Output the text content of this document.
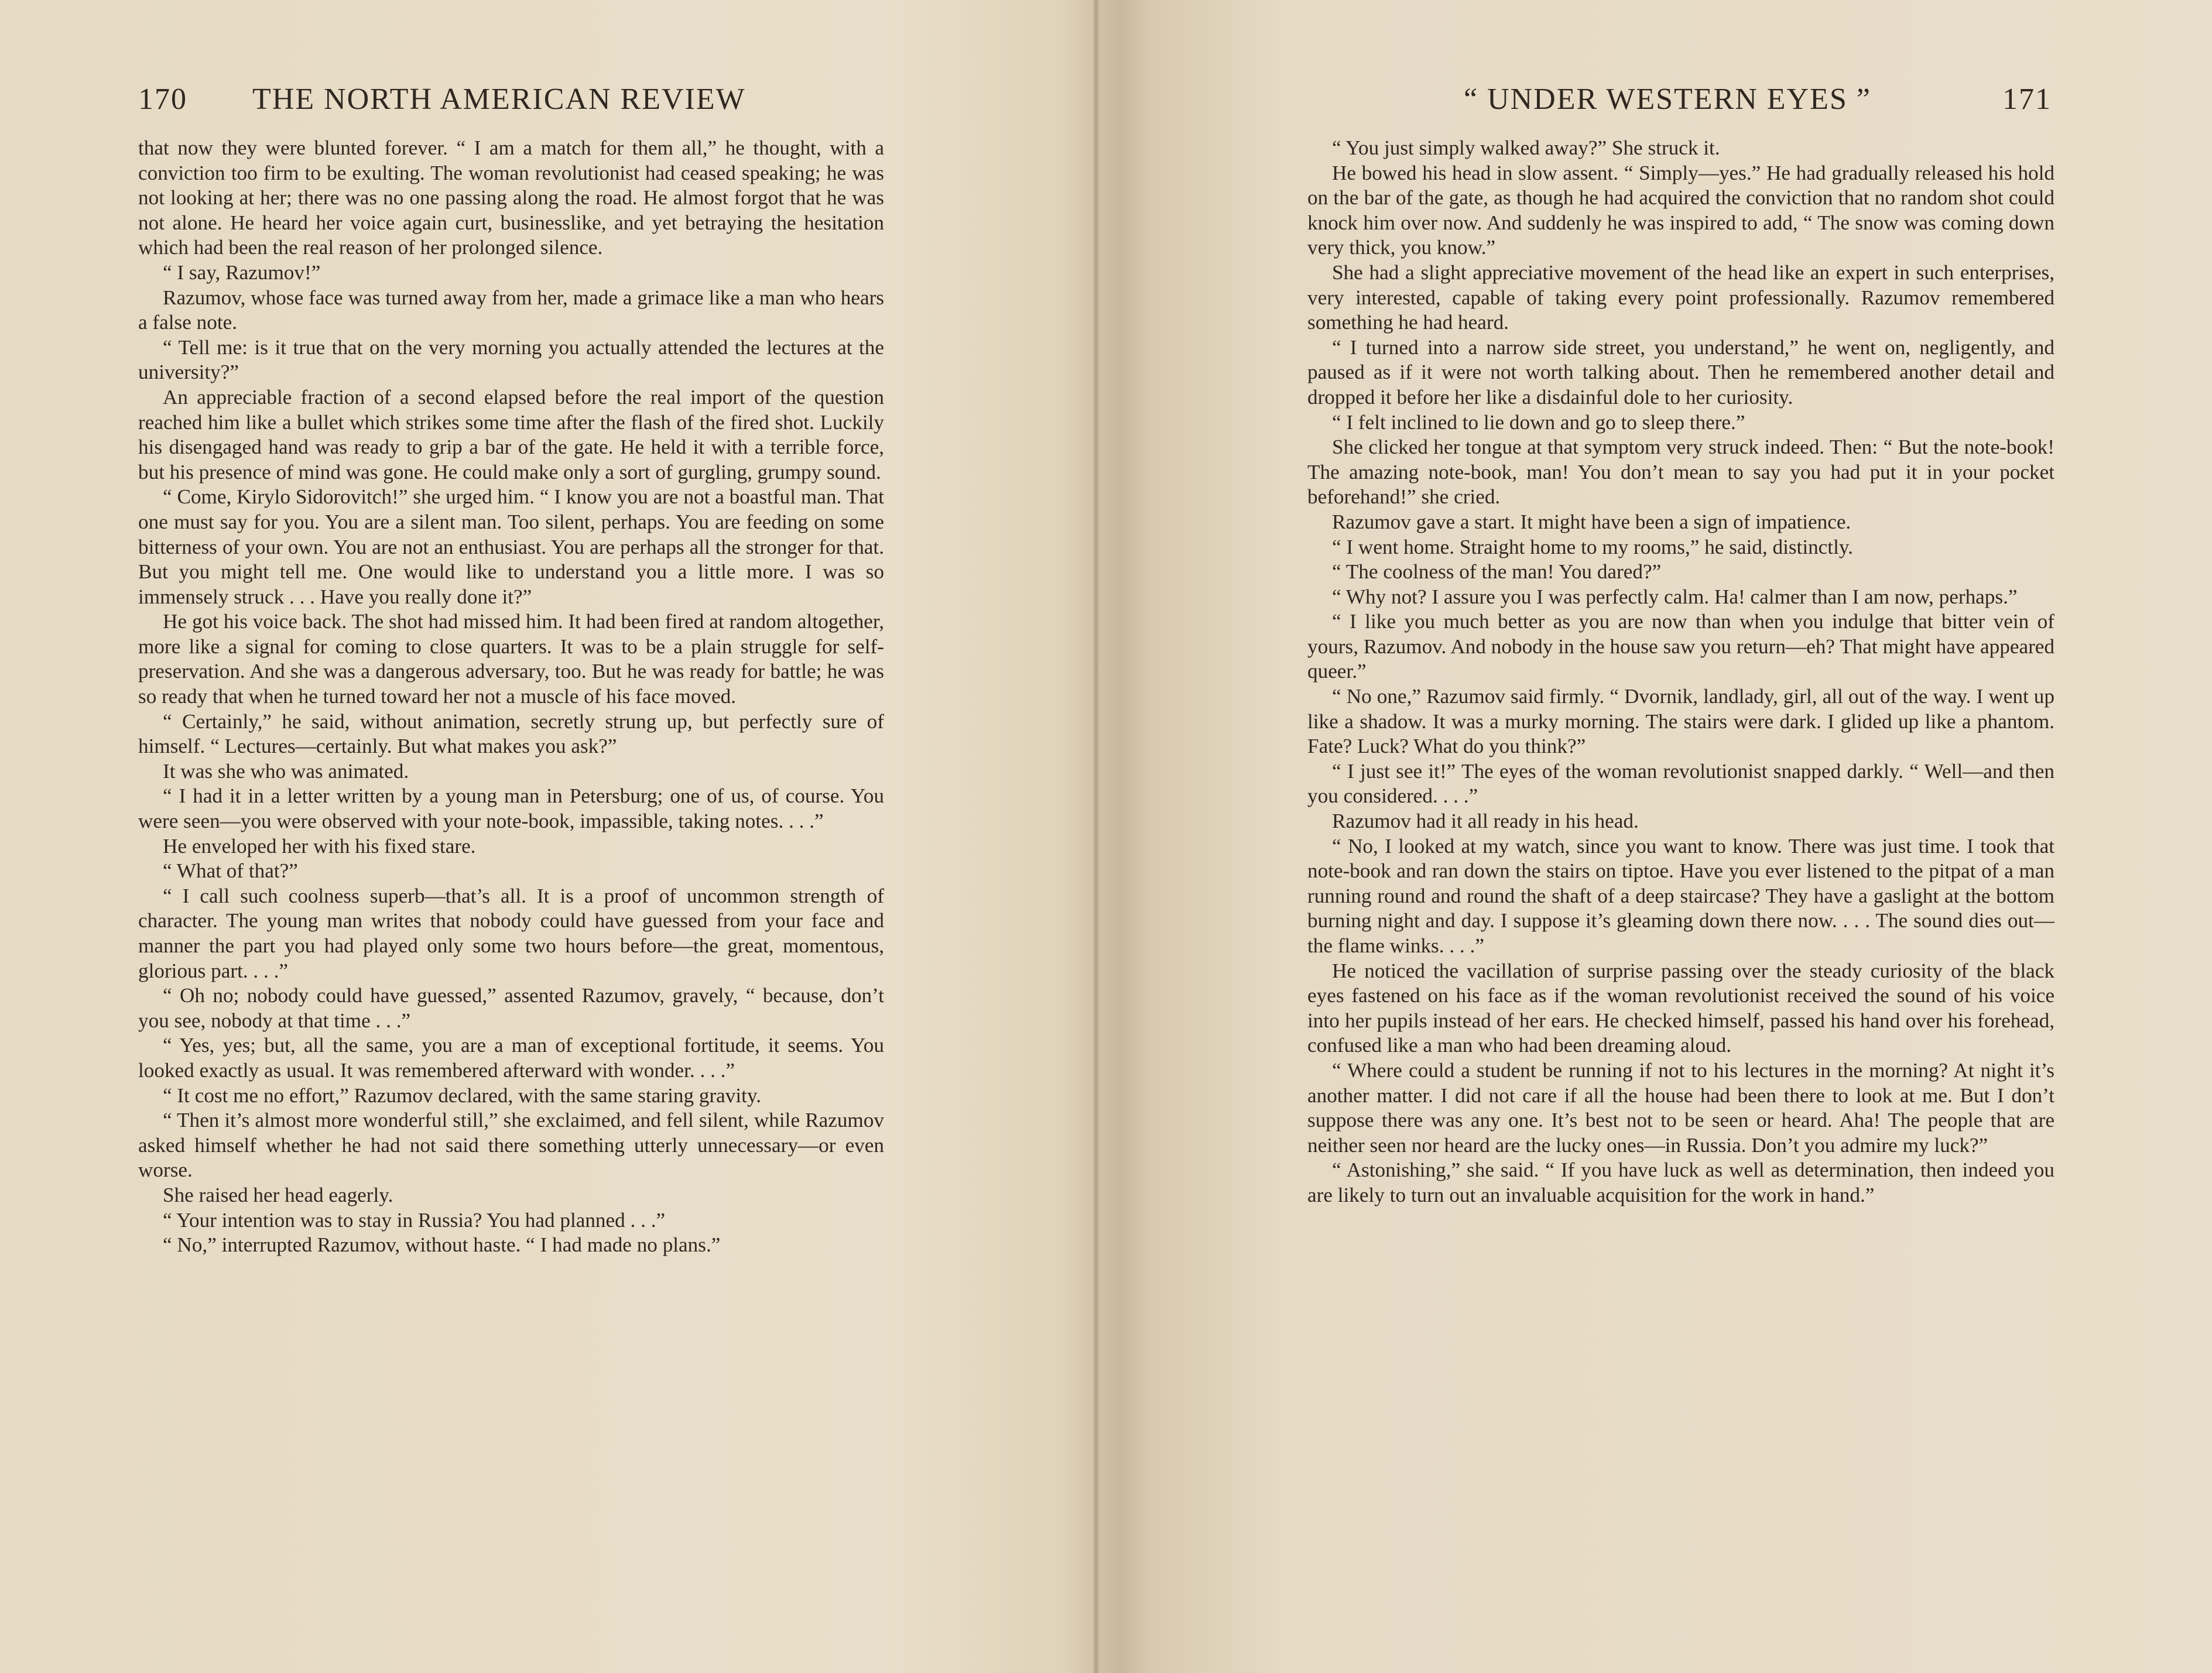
170 THE NORTH AMERICAN REVIEW

that now they were blunted forever. “ I am a match for them all,” he thought, with a conviction too firm to be exulting. The woman revolutionist had ceased speaking; he was not looking at her; there was no one passing along the road. He almost forgot that he was not alone. He heard her voice again curt, businesslike, and yet betraying the hesitation which had been the real reason of her prolonged silence.

“ I say, Razumov!”

Razumov, whose face was turned away from her, made a grimace like a man who hears a false note.

“ Tell me: is it true that on the very morning you actually attended the lectures at the university?”

An appreciable fraction of a second elapsed before the real import of the question reached him like a bullet which strikes some time after the flash of the fired shot. Luckily his disengaged hand was ready to grip a bar of the gate. He held it with a terrible force, but his presence of mind was gone. He could make only a sort of gurgling, grumpy sound.

“ Come, Kirylo Sidorovitch!” she urged him. “ I know you are not a boastful man. That one must say for you. You are a silent man. Too silent, perhaps. You are feeding on some bitterness of your own. You are not an enthusiast. You are perhaps all the stronger for that. But you might tell me. One would like to understand you a little more. I was so immensely struck . . . Have you really done it?”

He got his voice back. The shot had missed him. It had been fired at random altogether, more like a signal for coming to close quarters. It was to be a plain struggle for self-preservation. And she was a dangerous adversary, too. But he was ready for battle; he was so ready that when he turned toward her not a muscle of his face moved.

“ Certainly,” he said, without animation, secretly strung up, but perfectly sure of himself. “ Lectures—certainly. But what makes you ask?”

It was she who was animated.

“ I had it in a letter written by a young man in Petersburg; one of us, of course. You were seen—you were observed with your note-book, impassible, taking notes. . . .”

He enveloped her with his fixed stare.

“ What of that?”

“ I call such coolness superb—that’s all. It is a proof of uncommon strength of character. The young man writes that nobody could have guessed from your face and manner the part you had played only some two hours before—the great, momentous, glorious part. . . .”

“ Oh no; nobody could have guessed,” assented Razumov, gravely, “ because, don’t you see, nobody at that time . . .”

“ Yes, yes; but, all the same, you are a man of exceptional fortitude, it seems. You looked exactly as usual. It was remembered afterward with wonder. . . .”

“ It cost me no effort,” Razumov declared, with the same staring gravity.

“ Then it’s almost more wonderful still,” she exclaimed, and fell silent, while Razumov asked himself whether he had not said there something utterly unnecessary—or even worse.

She raised her head eagerly.

“ Your intention was to stay in Russia? You had planned . . .”

“ No,” interrupted Razumov, without haste. “ I had made no plans.”

“ UNDER WESTERN EYES ”	171

“ You just simply walked away?” She struck it.

He bowed his head in slow assent. “ Simply—yes.” He had gradually released his hold on the bar of the gate, as though he had acquired the conviction that no random shot could knock him over now. And suddenly he was inspired to add, “ The snow was coming down very thick, you know.”

She had a slight appreciative movement of the head like an expert in such enterprises, very interested, capable of taking every point professionally. Razumov remembered something he had heard.

“ I turned into a narrow side street, you understand,” he went on, negligently, and paused as if it were not worth talking about. Then he remembered another detail and dropped it before her like a disdainful dole to her curiosity.

“ I felt inclined to lie down and go to sleep there.”

She clicked her tongue at that symptom very struck indeed. Then: “ But the note-book! The amazing note-book, man! You don’t mean to say you had put it in your pocket beforehand!” she cried.

Razumov gave a start. It might have been a sign of impatience.

“ I went home. Straight home to my rooms,” he said, distinctly.

“ The coolness of the man! You dared?”

“ Why not? I assure you I was perfectly calm. Ha! calmer than I am now, perhaps.”

“ I like you much better as you are now than when you indulge that bitter vein of yours, Razumov. And nobody in the house saw you return—eh? That might have appeared queer.”

“ No one,” Razumov said firmly. “ Dvornik, landlady, girl, all out of the way. I went up like a shadow. It was a murky morning. The stairs were dark. I glided up like a phantom. Fate? Luck? What do you think?”

“ I just see it!” The eyes of the woman revolutionist snapped darkly. “ Well—and then you considered. . . .”

Razumov had it all ready in his head.

“ No, I looked at my watch, since you want to know. There was just time. I took that note-book and ran down the stairs on tiptoe. Have you ever listened to the pitpat of a man running round and round the shaft of a deep staircase? They have a gaslight at the bottom burning night and day. I suppose it’s gleaming down there now. . . . The sound dies out—the flame winks. . . .”

He noticed the vacillation of surprise passing over the steady curiosity of the black eyes fastened on his face as if the woman revolutionist received the sound of his voice into her pupils instead of her ears. He checked himself, passed his hand over his forehead, confused like a man who had been dreaming aloud.

“ Where could a student be running if not to his lectures in the morning? At night it’s another matter. I did not care if all the house had been there to look at me. But I don’t suppose there was any one. It’s best not to be seen or heard. Aha! The people that are neither seen nor heard are the lucky ones—in Russia. Don’t you admire my luck?”

“ Astonishing,” she said. “ If you have luck as well as determination, then indeed you are likely to turn out an invaluable acquisition for the work in hand.”
